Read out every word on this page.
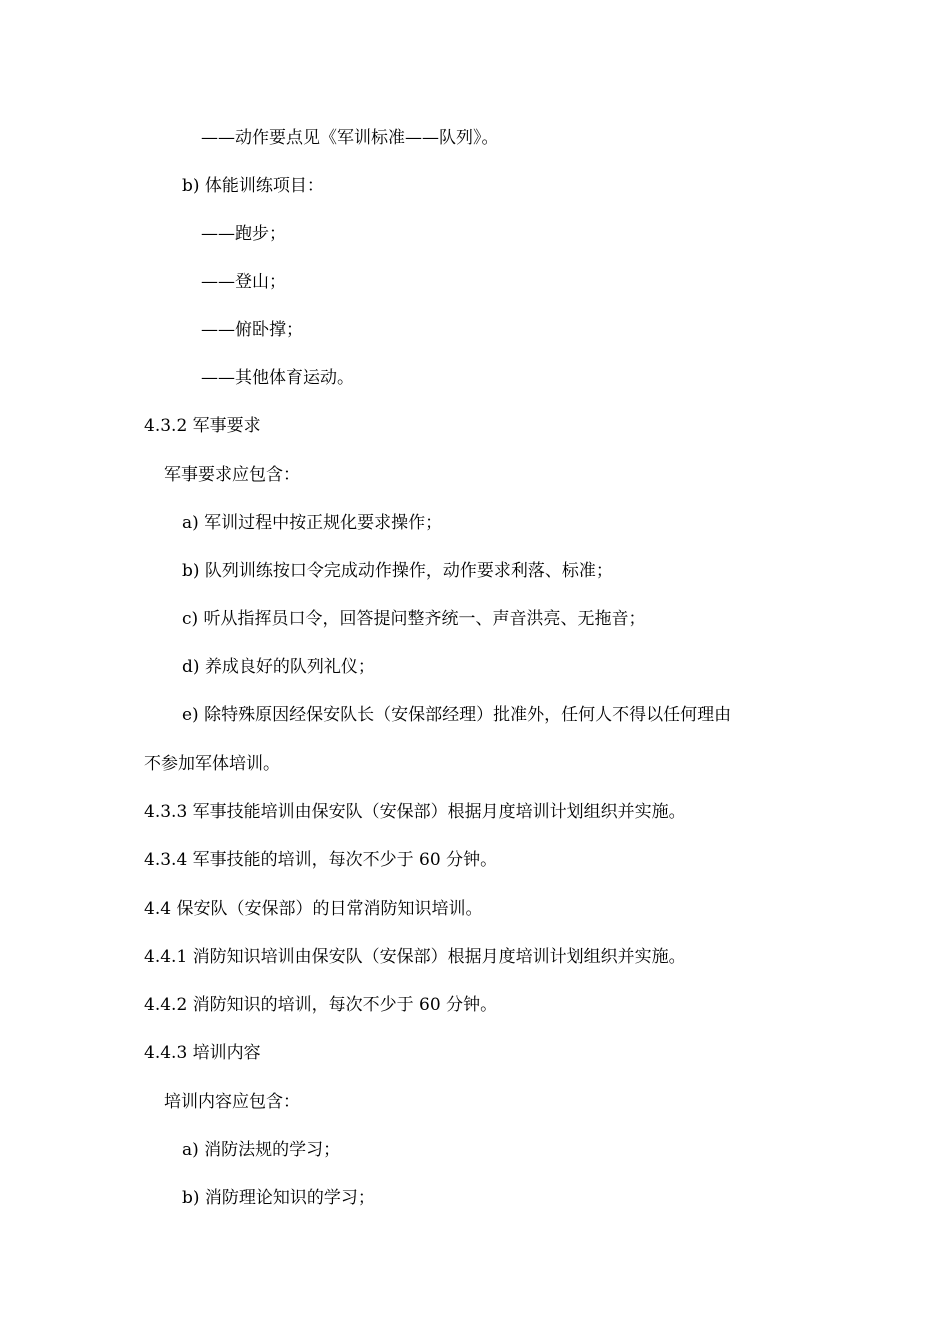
——动作要点见《军训标准——队列》。
b) 体能训练项目：
——跑步；
——登山；
——俯卧撑；
——其他体育运动。
4.3.2 军事要求
军事要求应包含：
a) 军训过程中按正规化要求操作；
b) 队列训练按口令完成动作操作，动作要求利落、标准；
c) 听从指挥员口令，回答提问整齐统一、声音洪亮、无拖音；
d) 养成良好的队列礼仪；
e) 除特殊原因经保安队长（安保部经理）批准外，任何人不得以任何理由
不参加军体培训。
4.3.3 军事技能培训由保安队（安保部）根据月度培训计划组织并实施。
4.3.4 军事技能的培训，每次不少于 60 分钟。
4.4 保安队（安保部）的日常消防知识培训。
4.4.1 消防知识培训由保安队（安保部）根据月度培训计划组织并实施。
4.4.2 消防知识的培训，每次不少于 60 分钟。
4.4.3 培训内容
培训内容应包含：
a) 消防法规的学习；
b) 消防理论知识的学习；
